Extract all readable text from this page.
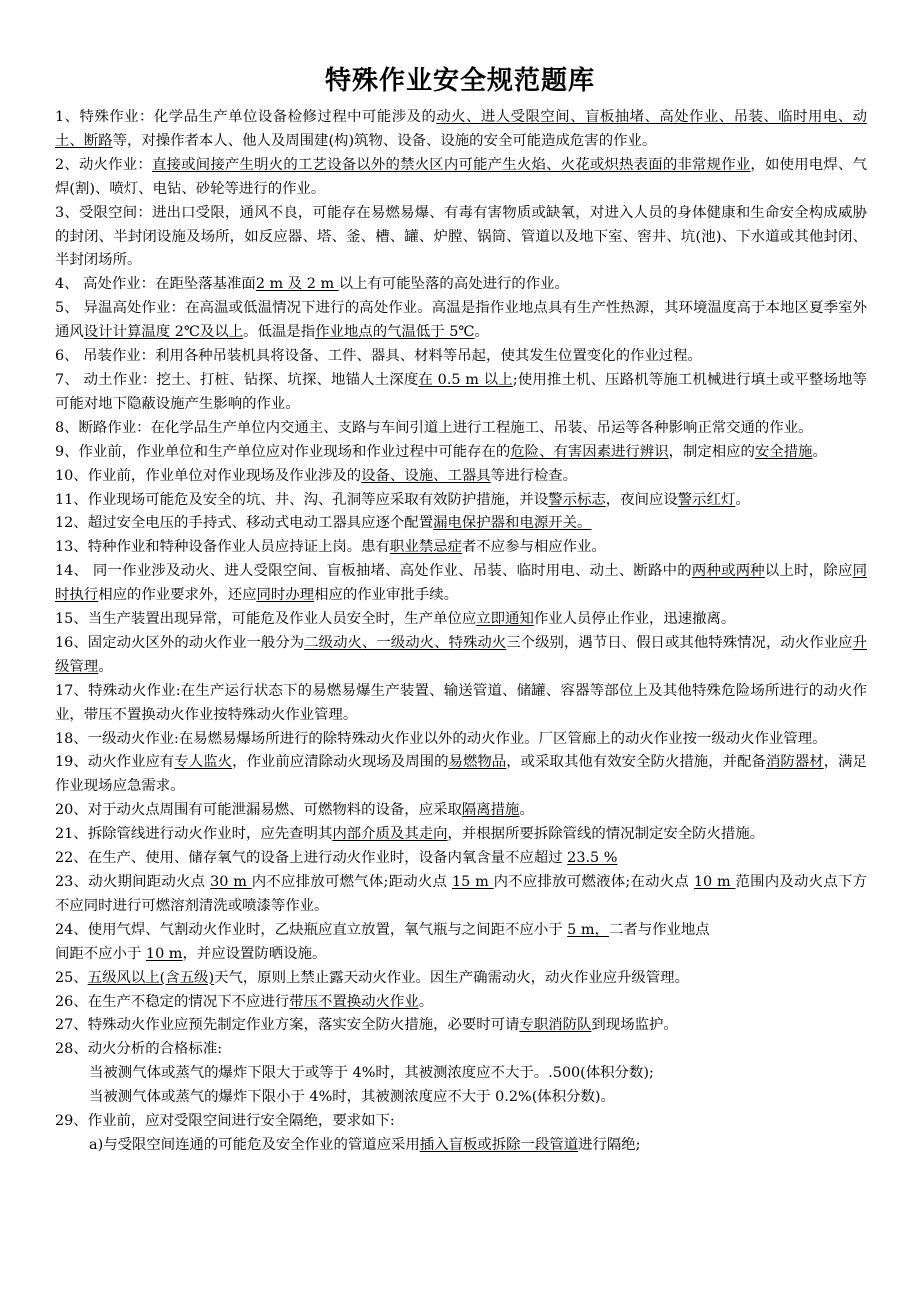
特殊作业安全规范题库

1、特殊作业：化学品生产单位设备检修过程中可能涉及的动火、进人受限空间、盲板抽堵、高处作业、吊装、临时用电、动土、断路等，对操作者本人、他人及周围建(构)筑物、设备、设施的安全可能造成危害的作业。

2、动火作业：直接或间接产生明火的工艺设备以外的禁火区内可能产生火焰、火花或炽热表面的非常规作业，如使用电焊、气焊(割)、喷灯、电钻、砂轮等进行的作业。

3、受限空间：进出口受限，通风不良，可能存在易燃易爆、有毒有害物质或缺氧，对进入人员的身体健康和生命安全构成威胁的封闭、半封闭设施及场所，如反应器、塔、釜、槽、罐、炉膛、锅筒、管道以及地下室、窖井、坑(池)、下水道或其他封闭、半封闭场所。

4、 高处作业：在距坠落基准面2 m 及 2 m 以上有可能坠落的高处进行的作业。

5、 异温高处作业：在高温或低温情况下进行的高处作业。高温是指作业地点具有生产性热源，其环境温度高于本地区夏季室外通风设计计算温度 2℃及以上。低温是指作业地点的气温低于 5℃。

6、 吊装作业：利用各种吊装机具将设备、工件、器具、材料等吊起，使其发生位置变化的作业过程。

7、 动土作业：挖土、打桩、钻探、坑探、地锚人土深度在 0.5 m 以上;使用推土机、压路机等施工机械进行填土或平整场地等可能对地下隐蔽设施产生影响的作业。

8、断路作业：在化学品生产单位内交通主、支路与车间引道上进行工程施工、吊装、吊运等各种影响正常交通的作业。

9、作业前，作业单位和生产单位应对作业现场和作业过程中可能存在的危险、有害因素进行辨识，制定相应的安全措施。

10、作业前，作业单位对作业现场及作业涉及的设备、设施、工器具等进行检查。

11、作业现场可能危及安全的坑、井、沟、孔洞等应采取有效防护措施，并设警示标志，夜间应设警示红灯。

12、超过安全电压的手持式、移动式电动工器具应逐个配置漏电保护器和电源开关。

13、特种作业和特种设备作业人员应持证上岗。患有职业禁忌症者不应参与相应作业。

14、 同一作业涉及动火、进人受限空间、盲板抽堵、高处作业、吊装、临时用电、动土、断路中的两种或两种以上时，除应同时执行相应的作业要求外，还应同时办理相应的作业审批手续。

15、当生产装置出现异常，可能危及作业人员安全时，生产单位应立即通知作业人员停止作业，迅速撤离。

16、固定动火区外的动火作业一般分为二级动火、一级动火、特殊动火三个级别，遇节日、假日或其他特殊情况，动火作业应升级管理。

17、特殊动火作业:在生产运行状态下的易燃易爆生产装置、输送管道、储罐、容器等部位上及其他特殊危险场所进行的动火作业，带压不置换动火作业按特殊动火作业管理。

18、一级动火作业:在易燃易爆场所进行的除特殊动火作业以外的动火作业。厂区管廊上的动火作业按一级动火作业管理。

19、动火作业应有专人监火，作业前应清除动火现场及周围的易燃物品，或采取其他有效安全防火措施，并配备消防器材，满足作业现场应急需求。

20、对于动火点周围有可能泄漏易燃、可燃物料的设备，应采取隔离措施。

21、拆除管线进行动火作业时，应先查明其内部介质及其走向，并根据所要拆除管线的情况制定安全防火措施。

22、在生产、使用、储存氧气的设备上进行动火作业时，设备内氧含量不应超过 23.5 %

23、动火期间距动火点 30 m 内不应排放可燃气体;距动火点 15 m 内不应排放可燃液体;在动火点 10 m 范围内及动火点下方不应同时进行可燃溶剂清洗或喷漆等作业。

24、使用气焊、气割动火作业时，乙炔瓶应直立放置，氧气瓶与之间距不应小于 5 m，二者与作业地点
间距不应小于 10 m，并应设置防晒设施。

25、五级风以上(含五级)天气，原则上禁止露天动火作业。因生产确需动火，动火作业应升级管理。

26、在生产不稳定的情况下不应进行带压不置换动火作业。

27、特殊动火作业应预先制定作业方案，落实安全防火措施，必要时可请专职消防队到现场监护。

28、动火分析的合格标准:

当被测气体或蒸气的爆炸下限大于或等于 4%时，其被测浓度应不大于。.500(体积分数);

当被测气体或蒸气的爆炸下限小于 4%时，其被测浓度应不大于 0.2%(体积分数)。

29、作业前，应对受限空间进行安全隔绝，要求如下:

a)与受限空间连通的可能危及安全作业的管道应采用插入盲板或拆除一段管道进行隔绝;
